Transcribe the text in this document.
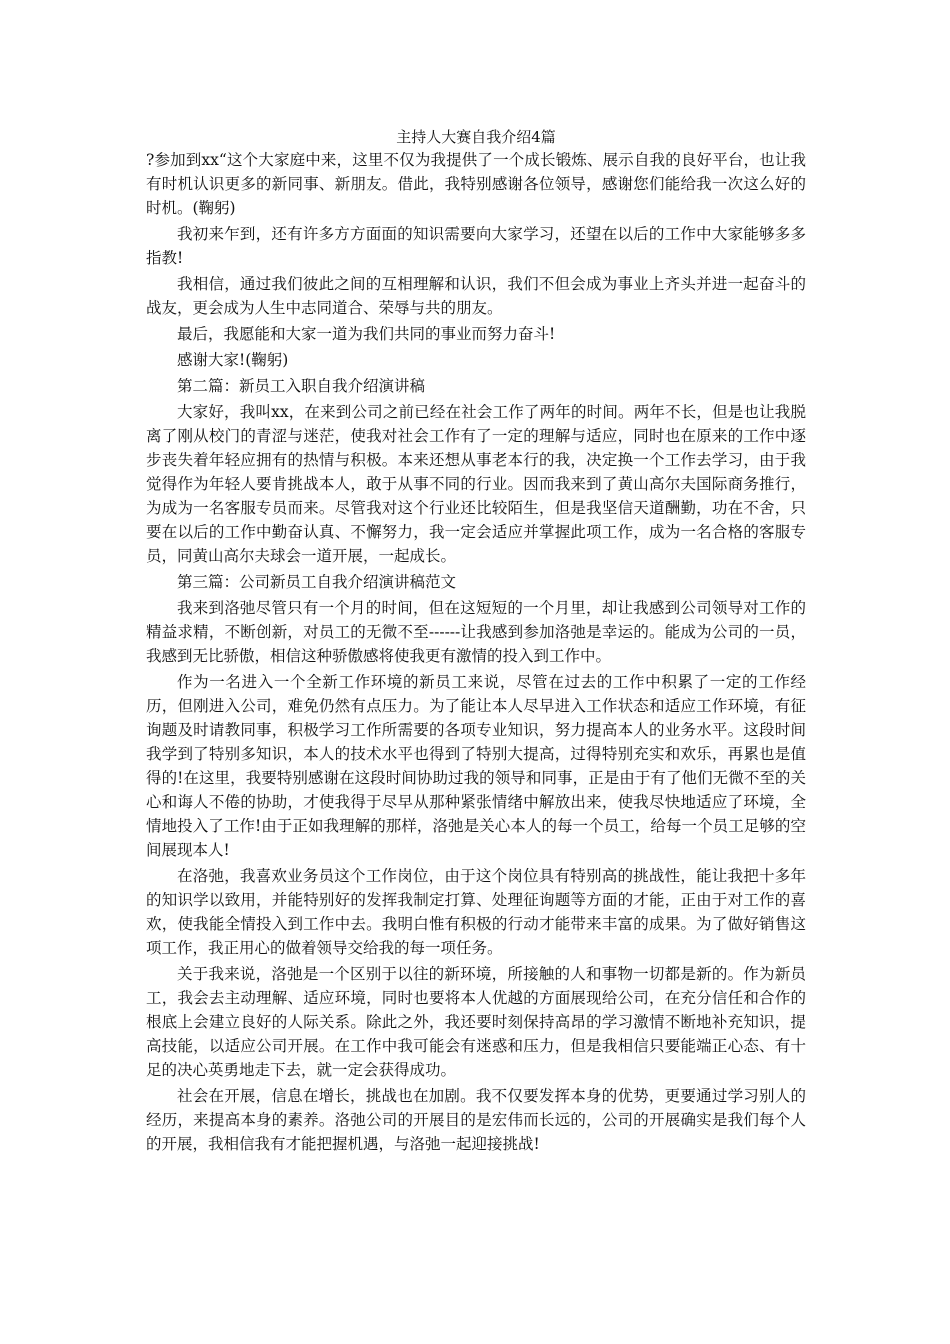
主持人大赛自我介绍4篇

?参加到xx“这个大家庭中来，这里不仅为我提供了一个成长锻炼、展示自我的良好平台，也让我有时机认识更多的新同事、新朋友。借此，我特别感谢各位领导，感谢您们能给我一次这么好的时机。(鞠躬)

我初来乍到，还有许多方方面面的知识需要向大家学习，还望在以后的工作中大家能够多多指教!

我相信，通过我们彼此之间的互相理解和认识，我们不但会成为事业上齐头并进一起奋斗的战友，更会成为人生中志同道合、荣辱与共的朋友。

最后，我愿能和大家一道为我们共同的事业而努力奋斗!

感谢大家!(鞠躬)

第二篇：新员工入职自我介绍演讲稿

大家好，我叫xx，在来到公司之前已经在社会工作了两年的时间。两年不长，但是也让我脱离了刚从校门的青涩与迷茫，使我对社会工作有了一定的理解与适应，同时也在原来的工作中逐步丧失着年轻应拥有的热情与积极。本来还想从事老本行的我，决定换一个工作去学习，由于我觉得作为年轻人要肯挑战本人，敢于从事不同的行业。因而我来到了黄山高尔夫国际商务推行，为成为一名客服专员而来。尽管我对这个行业还比较陌生，但是我坚信天道酬勤，功在不舍，只要在以后的工作中勤奋认真、不懈努力，我一定会适应并掌握此项工作，成为一名合格的客服专员，同黄山高尔夫球会一道开展，一起成长。

第三篇：公司新员工自我介绍演讲稿范文

我来到洛弛尽管只有一个月的时间，但在这短短的一个月里，却让我感到公司领导对工作的精益求精，不断创新，对员工的无微不至------让我感到参加洛弛是幸运的。能成为公司的一员，我感到无比骄傲，相信这种骄傲感将使我更有激情的投入到工作中。

作为一名进入一个全新工作环境的新员工来说，尽管在过去的工作中积累了一定的工作经历，但刚进入公司，难免仍然有点压力。为了能让本人尽早进入工作状态和适应工作环境，有征询题及时请教同事，积极学习工作所需要的各项专业知识，努力提高本人的业务水平。这段时间我学到了特别多知识，本人的技术水平也得到了特别大提高，过得特别充实和欢乐，再累也是值得的!在这里，我要特别感谢在这段时间协助过我的领导和同事，正是由于有了他们无微不至的关心和诲人不倦的协助，才使我得于尽早从那种紧张情绪中解放出来，使我尽快地适应了环境，全情地投入了工作!由于正如我理解的那样，洛弛是关心本人的每一个员工，给每一个员工足够的空间展现本人!

在洛弛，我喜欢业务员这个工作岗位，由于这个岗位具有特别高的挑战性，能让我把十多年的知识学以致用，并能特别好的发挥我制定打算、处理征询题等方面的才能，正由于对工作的喜欢，使我能全情投入到工作中去。我明白惟有积极的行动才能带来丰富的成果。为了做好销售这项工作，我正用心的做着领导交给我的每一项任务。

关于我来说，洛弛是一个区别于以往的新环境，所接触的人和事物一切都是新的。作为新员工，我会去主动理解、适应环境，同时也要将本人优越的方面展现给公司，在充分信任和合作的根底上会建立良好的人际关系。除此之外，我还要时刻保持高昂的学习激情不断地补充知识，提高技能，以适应公司开展。在工作中我可能会有迷惑和压力，但是我相信只要能端正心态、有十足的决心英勇地走下去，就一定会获得成功。

社会在开展，信息在增长，挑战也在加剧。我不仅要发挥本身的优势，更要通过学习别人的经历，来提高本身的素养。洛弛公司的开展目的是宏伟而长远的，公司的开展确实是我们每个人的开展，我相信我有才能把握机遇，与洛弛一起迎接挑战!
